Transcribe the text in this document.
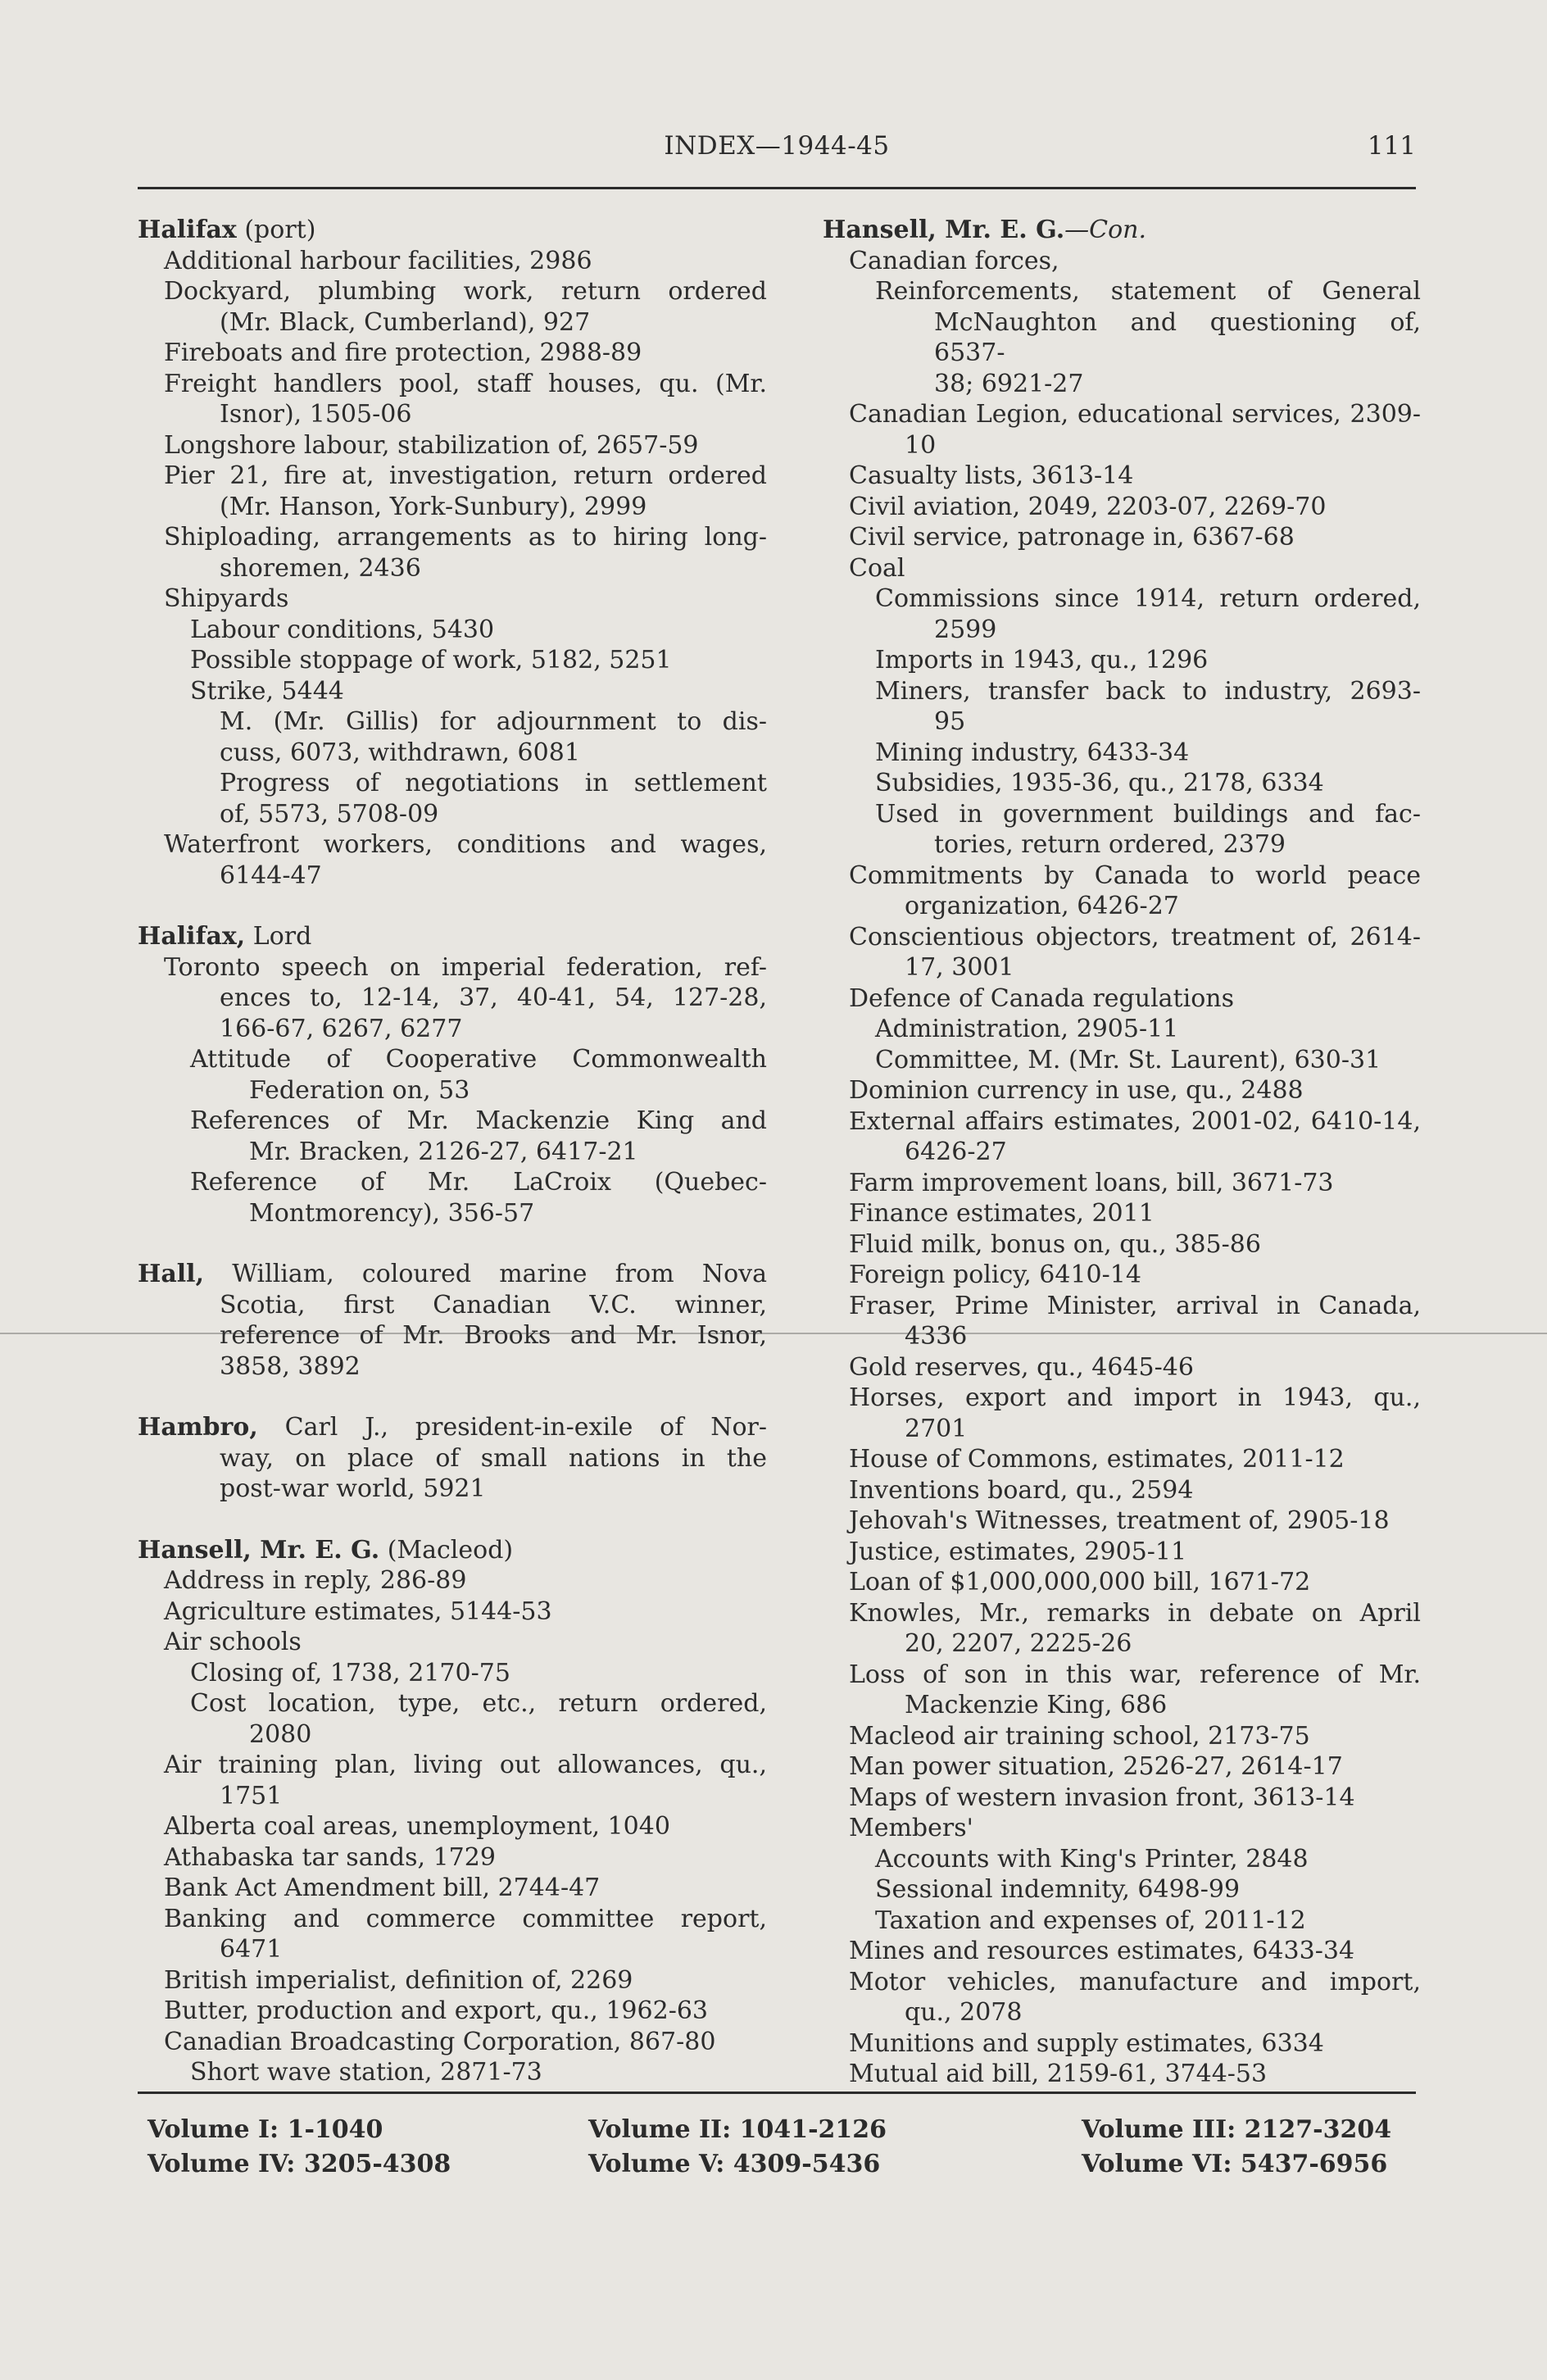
INDEX—1944-45	111
Halifax (port)
Additional harbour facilities, 2986
Dockyard, plumbing work, return ordered
(Mr. Black, Cumberland), 927
Fireboats and fire protection, 2988-89
Freight handlers pool, staff houses, qu. (Mr.
Isnor), 1505-06
Longshore labour, stabilization of, 2657-59
Pier 21, fire at, investigation, return ordered
(Mr. Hanson, York-Sunbury), 2999
Shiploading, arrangements as to hiring long-
shoremen, 2436
Shipyards
Labour conditions, 5430
Possible stoppage of work, 5182, 5251
Strike, 5444
M. (Mr. Gillis) for adjournment to dis-
cuss, 6073, withdrawn, 6081
Progress of negotiations in settlement
of, 5573, 5708-09
Waterfront workers, conditions and wages,
6144-47
Halifax, Lord
Toronto speech on imperial federation, ref-
ences to, 12-14, 37, 40-41, 54, 127-28,
166-67, 6267, 6277
Attitude of Cooperative Commonwealth
Federation on, 53
References of Mr. Mackenzie King and
Mr. Bracken, 2126-27, 6417-21
Reference of Mr. LaCroix (Quebec-
Montmorency), 356-57
Hall, William, coloured marine from Nova
Scotia, first Canadian V.C. winner,
reference of Mr. Brooks and Mr. Isnor,
3858, 3892
Hambro, Carl J., president-in-exile of Nor-
way, on place of small nations in the
post-war world, 5921
Hansell, Mr. E. G. (Macleod)
Address in reply, 286-89
Agriculture estimates, 5144-53
Air schools
Closing of, 1738, 2170-75
Cost location, type, etc., return ordered,
2080
Air training plan, living out allowances, qu.,
1751
Alberta coal areas, unemployment, 1040
Athabaska tar sands, 1729
Bank Act Amendment bill, 2744-47
Banking and commerce committee report,
6471
British imperialist, definition of, 2269
Butter, production and export, qu., 1962-63
Canadian Broadcasting Corporation, 867-80
Short wave station, 2871-73
Hansell, Mr. E. G.—Con.
Canadian forces,
Reinforcements, statement of General
McNaughton and questioning of, 6537-
38; 6921-27
Canadian Legion, educational services, 2309-
10
Casualty lists, 3613-14
Civil aviation, 2049, 2203-07, 2269-70
Civil service, patronage in, 6367-68
Coal
Commissions since 1914, return ordered,
2599
Imports in 1943, qu., 1296
Miners, transfer back to industry, 2693-
95
Mining industry, 6433-34
Subsidies, 1935-36, qu., 2178, 6334
Used in government buildings and fac-
tories, return ordered, 2379
Commitments by Canada to world peace
organization, 6426-27
Conscientious objectors, treatment of, 2614-
17, 3001
Defence of Canada regulations
Administration, 2905-11
Committee, M. (Mr. St. Laurent), 630-31
Dominion currency in use, qu., 2488
External affairs estimates, 2001-02, 6410-14,
6426-27
Farm improvement loans, bill, 3671-73
Finance estimates, 2011
Fluid milk, bonus on, qu., 385-86
Foreign policy, 6410-14
Fraser, Prime Minister, arrival in Canada,
4336
Gold reserves, qu., 4645-46
Horses, export and import in 1943, qu.,
2701
House of Commons, estimates, 2011-12
Inventions board, qu., 2594
Jehovah's Witnesses, treatment of, 2905-18
Justice, estimates, 2905-11
Loan of $1,000,000,000 bill, 1671-72
Knowles, Mr., remarks in debate on April
20, 2207, 2225-26
Loss of son in this war, reference of Mr.
Mackenzie King, 686
Macleod air training school, 2173-75
Man power situation, 2526-27, 2614-17
Maps of western invasion front, 3613-14
Members'
Accounts with King's Printer, 2848
Sessional indemnity, 6498-99
Taxation and expenses of, 2011-12
Mines and resources estimates, 6433-34
Motor vehicles, manufacture and import,
qu., 2078
Munitions and supply estimates, 6334
Mutual aid bill, 2159-61, 3744-53
Volume I: 1-1040	Volume II: 1041-2126	Volume III: 2127-3204
Volume IV: 3205-4308	Volume V: 4309-5436	Volume VI: 5437-6956
